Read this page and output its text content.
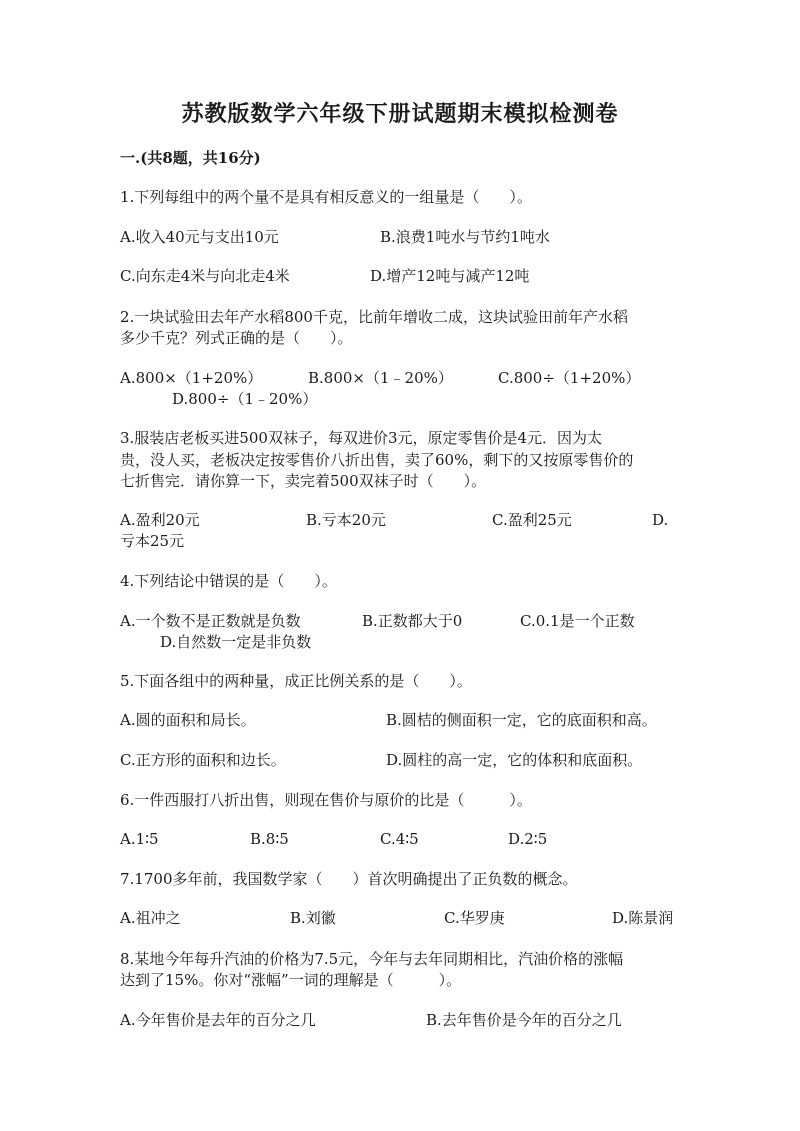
苏教版数学六年级下册试题期末模拟检测卷
一.(共8题，共16分)
1.下列每组中的两个量不是具有相反意义的一组量是（　　）。
A.收入40元与支出10元	B.浪费1吨水与节约1吨水
C.向东走4米与向北走4米	D.增产12吨与减产12吨
2.一块试验田去年产水稻800千克，比前年增收二成，这块试验田前年产水稻
多少千克？列式正确的是（　　）。
A.800×（1+20%）	B.800×（1﹣20%）	C.800÷（1+20%）
D.800÷（1﹣20%）
3.服装店老板买进500双袜子，每双进价3元，原定零售价是4元．因为太
贵，没人买，老板决定按零售价八折出售，卖了60%，剩下的又按原零售价的
七折售完．请你算一下，卖完着500双袜子时（　　）。
A.盈利20元	B.亏本20元	C.盈利25元	D.
亏本25元
4.下列结论中错误的是（　　）。
A.一个数不是正数就是负数	B.正数都大于0	C.0.1是一个正数
D.自然数一定是非负数
5.下面各组中的两种量，成正比例关系的是（　　）。
A.圆的面积和局长。	B.圆桔的侧面积一定，它的底面积和高。
C.正方形的面积和边长。	D.圆柱的高一定，它的体积和底面积。
6.一件西服打八折出售，则现在售价与原价的比是（　　　）。
A.1∶5	B.8∶5	C.4∶5	D.2∶5
7.1700多年前，我国数学家（　　）首次明确提出了正负数的概念。
A.祖冲之	B.刘徽	C.华罗庚	D.陈景润
8.某地今年每升汽油的价格为7.5元，今年与去年同期相比，汽油价格的涨幅
达到了15%。你对“涨幅”一词的理解是（　　　）。
A.今年售价是去年的百分之几	B.去年售价是今年的百分之几
